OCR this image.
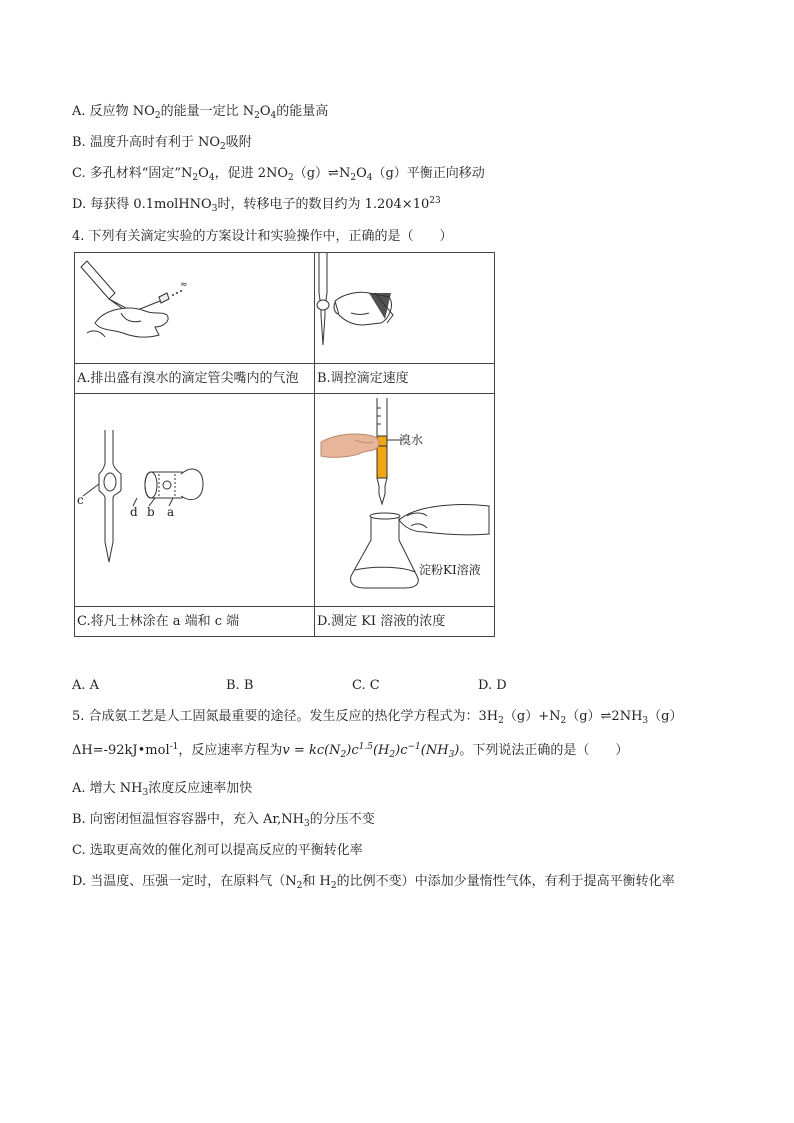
A. 反应物 $NO_2$的能量一定比 $N_2O_4$的能量高
B. 温度升高时有利于 $NO_2$吸附
C. 多孔材料“固定$”N_2O_4$，促进 $2NO_2(g)\rightleftharpoons N_2O_4(g)$平衡正向移动
D. 每获得 0.1molHNO$_3$时，转移电子的数目约为 $1.204\times 10^{23}$
4. 下列有关滴定实验的方案设计和实验操作中，正确的是（　　）
≈

A.排出盛有溴水的滴定管尖嘴内的气泡	B.调控滴定速度

c
d b a	溴水
淀粉KI溶液

C.将凡士林涂在 a 端和 c 端	D.测定 KI 溶液的浓度
A. A	B. B	C. C	D. D
5. 合成氨工艺是人工固氮最重要的途径。发生反应的热化学方程式为：$3H_2(g)+N_2(g)\rightleftharpoons 2NH_3(g)$
ΔH=-92kJ•mol$^{-1}$，反应速率方程为$v = kc(N_2)c^{1.5}(H_2)c^{-1}(NH_3)$。下列说法正确的是（　　）
A. 增大 $NH_3$浓度反应速率加快
B. 向密闭恒温恒容容器中，充入 $Ar,NH_3$的分压不变
C. 选取更高效的催化剂可以提高反应的平衡转化率
D. 当温度、压强一定时，在原料气（$N_2$和 $H_2$的比例不变）中添加少量惰性气体，有利于提高平衡转化率
